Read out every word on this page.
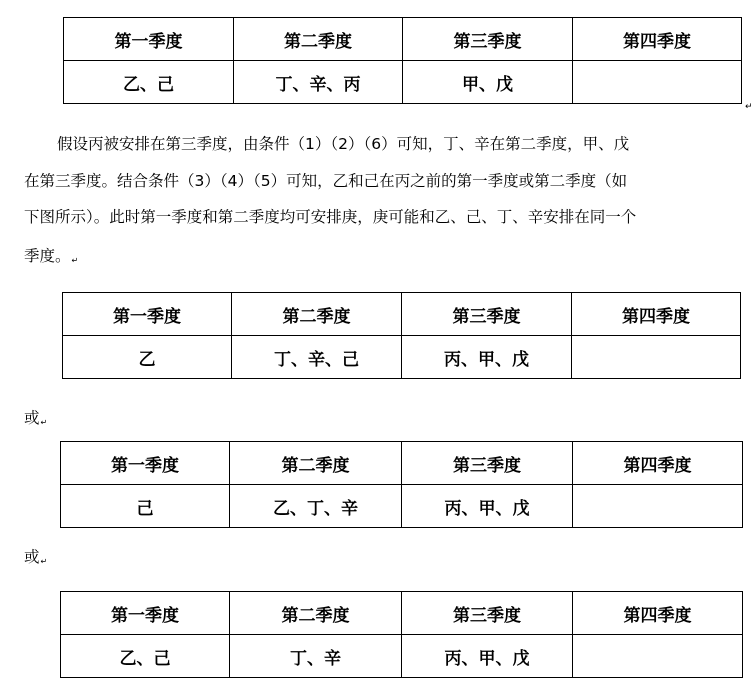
第一季度	第二季度	第三季度	第四季度
乙、己	丁、辛、丙	甲、戊	
↵
假设丙被安排在第三季度，由条件（1）（2）（6）可知，丁、辛在第二季度，甲、戊
在第三季度。结合条件（3）（4）（5）可知，乙和己在丙之前的第一季度或第二季度（如
下图所示）。此时第一季度和第二季度均可安排庚，庚可能和乙、己、丁、辛安排在同一个
季度。↵
第一季度	第二季度	第三季度	第四季度
乙	丁、辛、己	丙、甲、戊	
或↵
第一季度	第二季度	第三季度	第四季度
己	乙、丁、辛	丙、甲、戊	
或↵
第一季度	第二季度	第三季度	第四季度
乙、己	丁、辛	丙、甲、戊	
